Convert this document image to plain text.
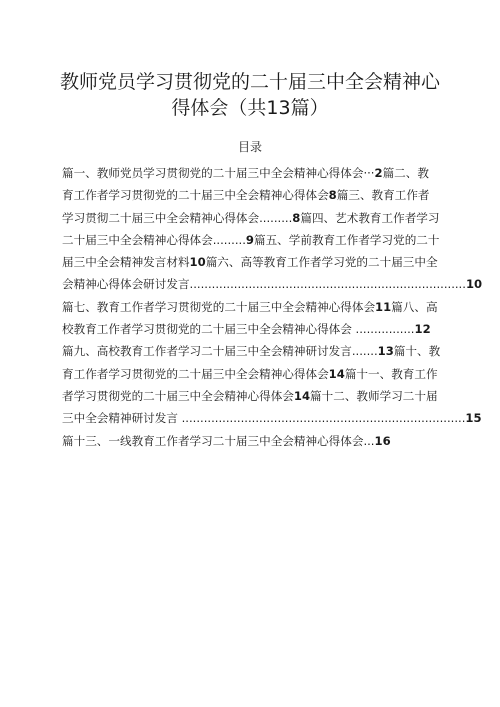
教师党员学习贯彻党的二十届三中全会精神心
得体会（共13篇）
目录
篇一、教师党员学习贯彻党的二十届三中全会精神心得体会···2篇二、教
育工作者学习贯彻党的二十届三中全会精神心得体会8篇三、教育工作者
学习贯彻二十届三中全会精神心得体会.........8篇四、艺术教育工作者学习
二十届三中全会精神心得体会.........9篇五、学前教育工作者学习党的二十
届三中全会精神发言材料10篇六、高等教育工作者学习党的二十届三中全
会精神心得体会研讨发言...........................................................................10
篇七、教育工作者学习贯彻党的二十届三中全会精神心得体会11篇八、高
校教育工作者学习贯彻党的二十届三中全会精神心得体会 ................12
篇九、高校教育工作者学习二十届三中全会精神研讨发言.......13篇十、教
育工作者学习贯彻党的二十届三中全会精神心得体会14篇十一、教育工作
者学习贯彻党的二十届三中全会精神心得体会14篇十二、教师学习二十届
三中全会精神研讨发言 .............................................................................15
篇十三、一线教育工作者学习二十届三中全会精神心得体会...16
